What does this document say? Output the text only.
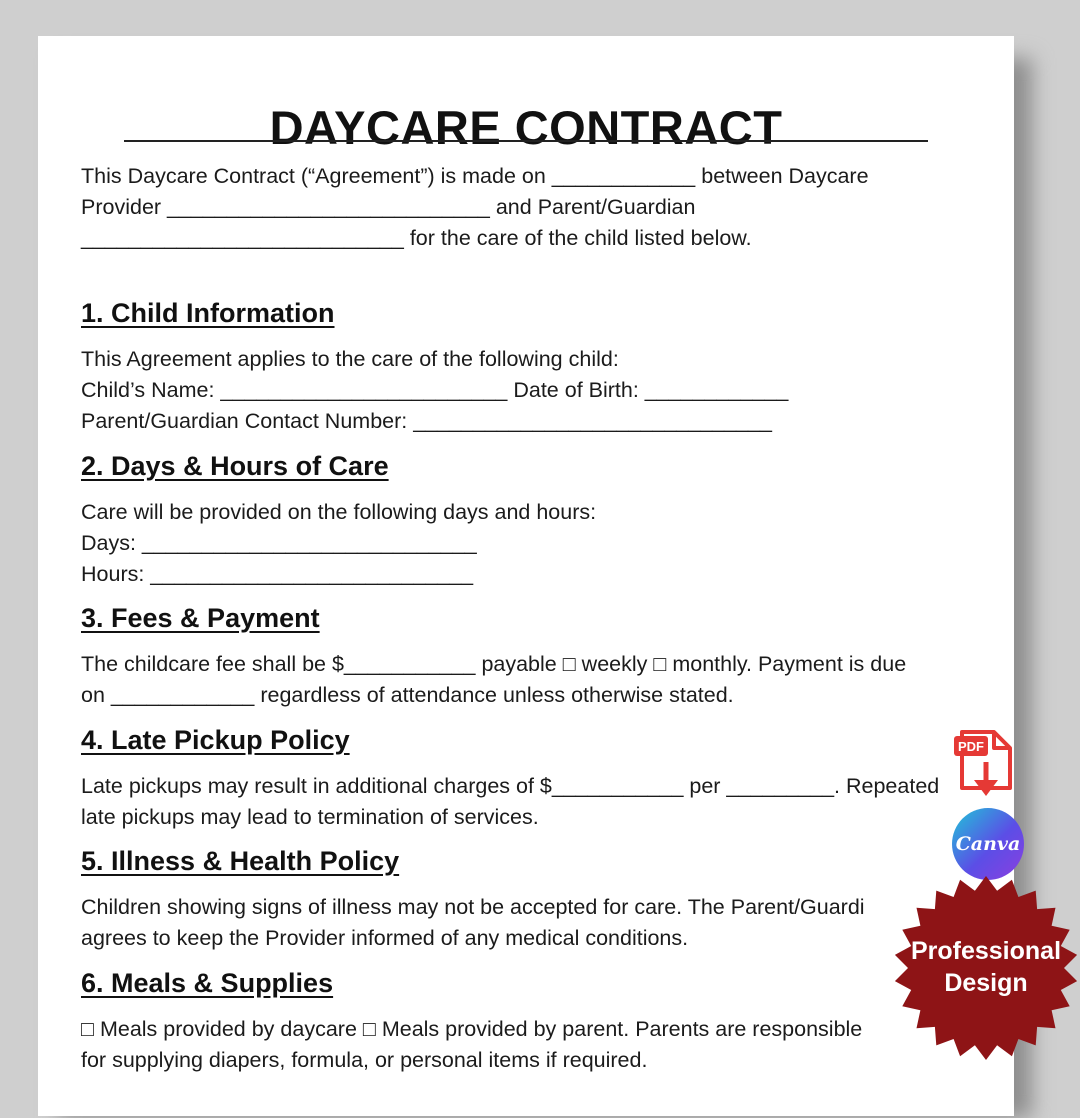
DAYCARE CONTRACT
This Daycare Contract (“Agreement”) is made on ____________ between Daycare
Provider ___________________________ and Parent/Guardian
___________________________ for the care of the child listed below.
1. Child Information
This Agreement applies to the care of the following child:
Child’s Name: ________________________ Date of Birth: ____________
Parent/Guardian Contact Number: ______________________________
2. Days & Hours of Care
Care will be provided on the following days and hours:
Days: ____________________________
Hours: ___________________________
3. Fees & Payment
The childcare fee shall be $___________ payable □ weekly □ monthly. Payment is due
on ____________ regardless of attendance unless otherwise stated.
4. Late Pickup Policy
Late pickups may result in additional charges of $___________ per _________. Repeated
late pickups may lead to termination of services.
5. Illness & Health Policy
Children showing signs of illness may not be accepted for care. The Parent/Guardi
agrees to keep the Provider informed of any medical conditions.
6. Meals & Supplies
□ Meals provided by daycare □ Meals provided by parent. Parents are responsible
for supplying diapers, formula, or personal items if required.
PDF
Canva
Professional
Design
